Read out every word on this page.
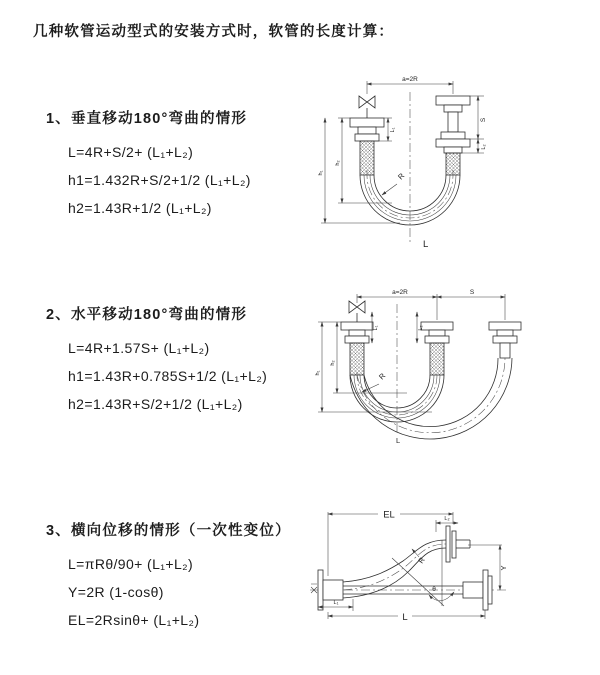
几种软管运动型式的安装方式时，软管的长度计算：
1、垂直移动180°弯曲的情形
L=4R+S/2+ (L₁+L₂)
h1=1.432R+S/2+1/2 (L₁+L₂)
h2=1.43R+1/2 (L₁+L₂)
2、水平移动180°弯曲的情形
L=4R+1.57S+ (L₁+L₂)
h1=1.43R+0.785S+1/2 (L₁+L₂)
h2=1.43R+S/2+1/2 (L₁+L₂)
3、横向位移的情形（一次性变位）
L=πRθ/90+ (L₁+L₂)
Y=2R (1-cosθ)
EL=2Rsinθ+ (L₁+L₂)
a=2R
S
L₂
L₁
h₂
h₁	R
L
a=2R	S
L₁	L₂
h₂
h₁	R
L
EL	L₂
Y
θ
R
L₁
L
